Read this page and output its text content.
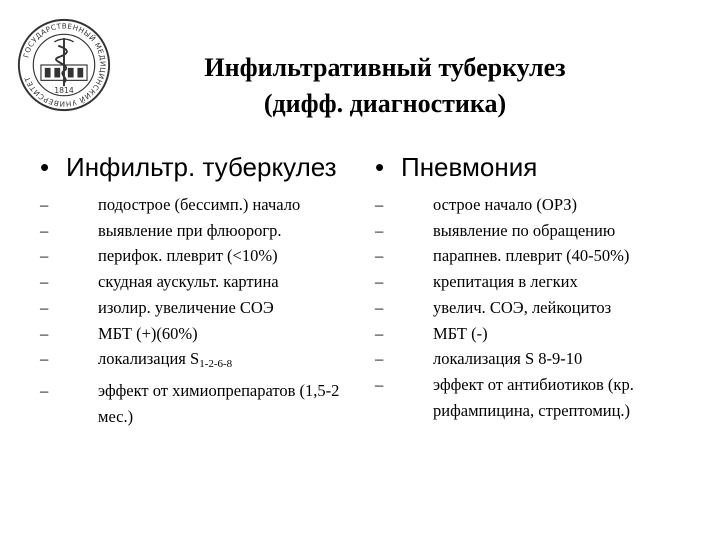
ГОСУДАРСТВЕННЫЙ МЕДИЦИНСКИЙ УНИВЕРСИТЕТ
1814
Инфильтративный туберкулез
(дифф. диагностика)
• Инфильтр. туберкулез
–	подострое (бессимп.) начало
–	выявление при флюорогр.
–	перифок. плеврит (<10%)
–	скудная аускульт. картина
–	изолир. увеличение СОЭ
–	МБТ (+)(60%)
–	локализация $S_{1-2-6-8}$
–	эффект от химиопрепаратов (1,5-2 мес.)
• Пневмония
–	острое начало (ОРЗ)
–	выявление по обращению
–	парапнев. плеврит (40-50%)
–	крепитация в легких
–	увелич. СОЭ, лейкоцитоз
–	МБТ (-)
–	локализация S 8-9-10
–	эффект от антибиотиков (кр. рифампицина, стрептомиц.)
